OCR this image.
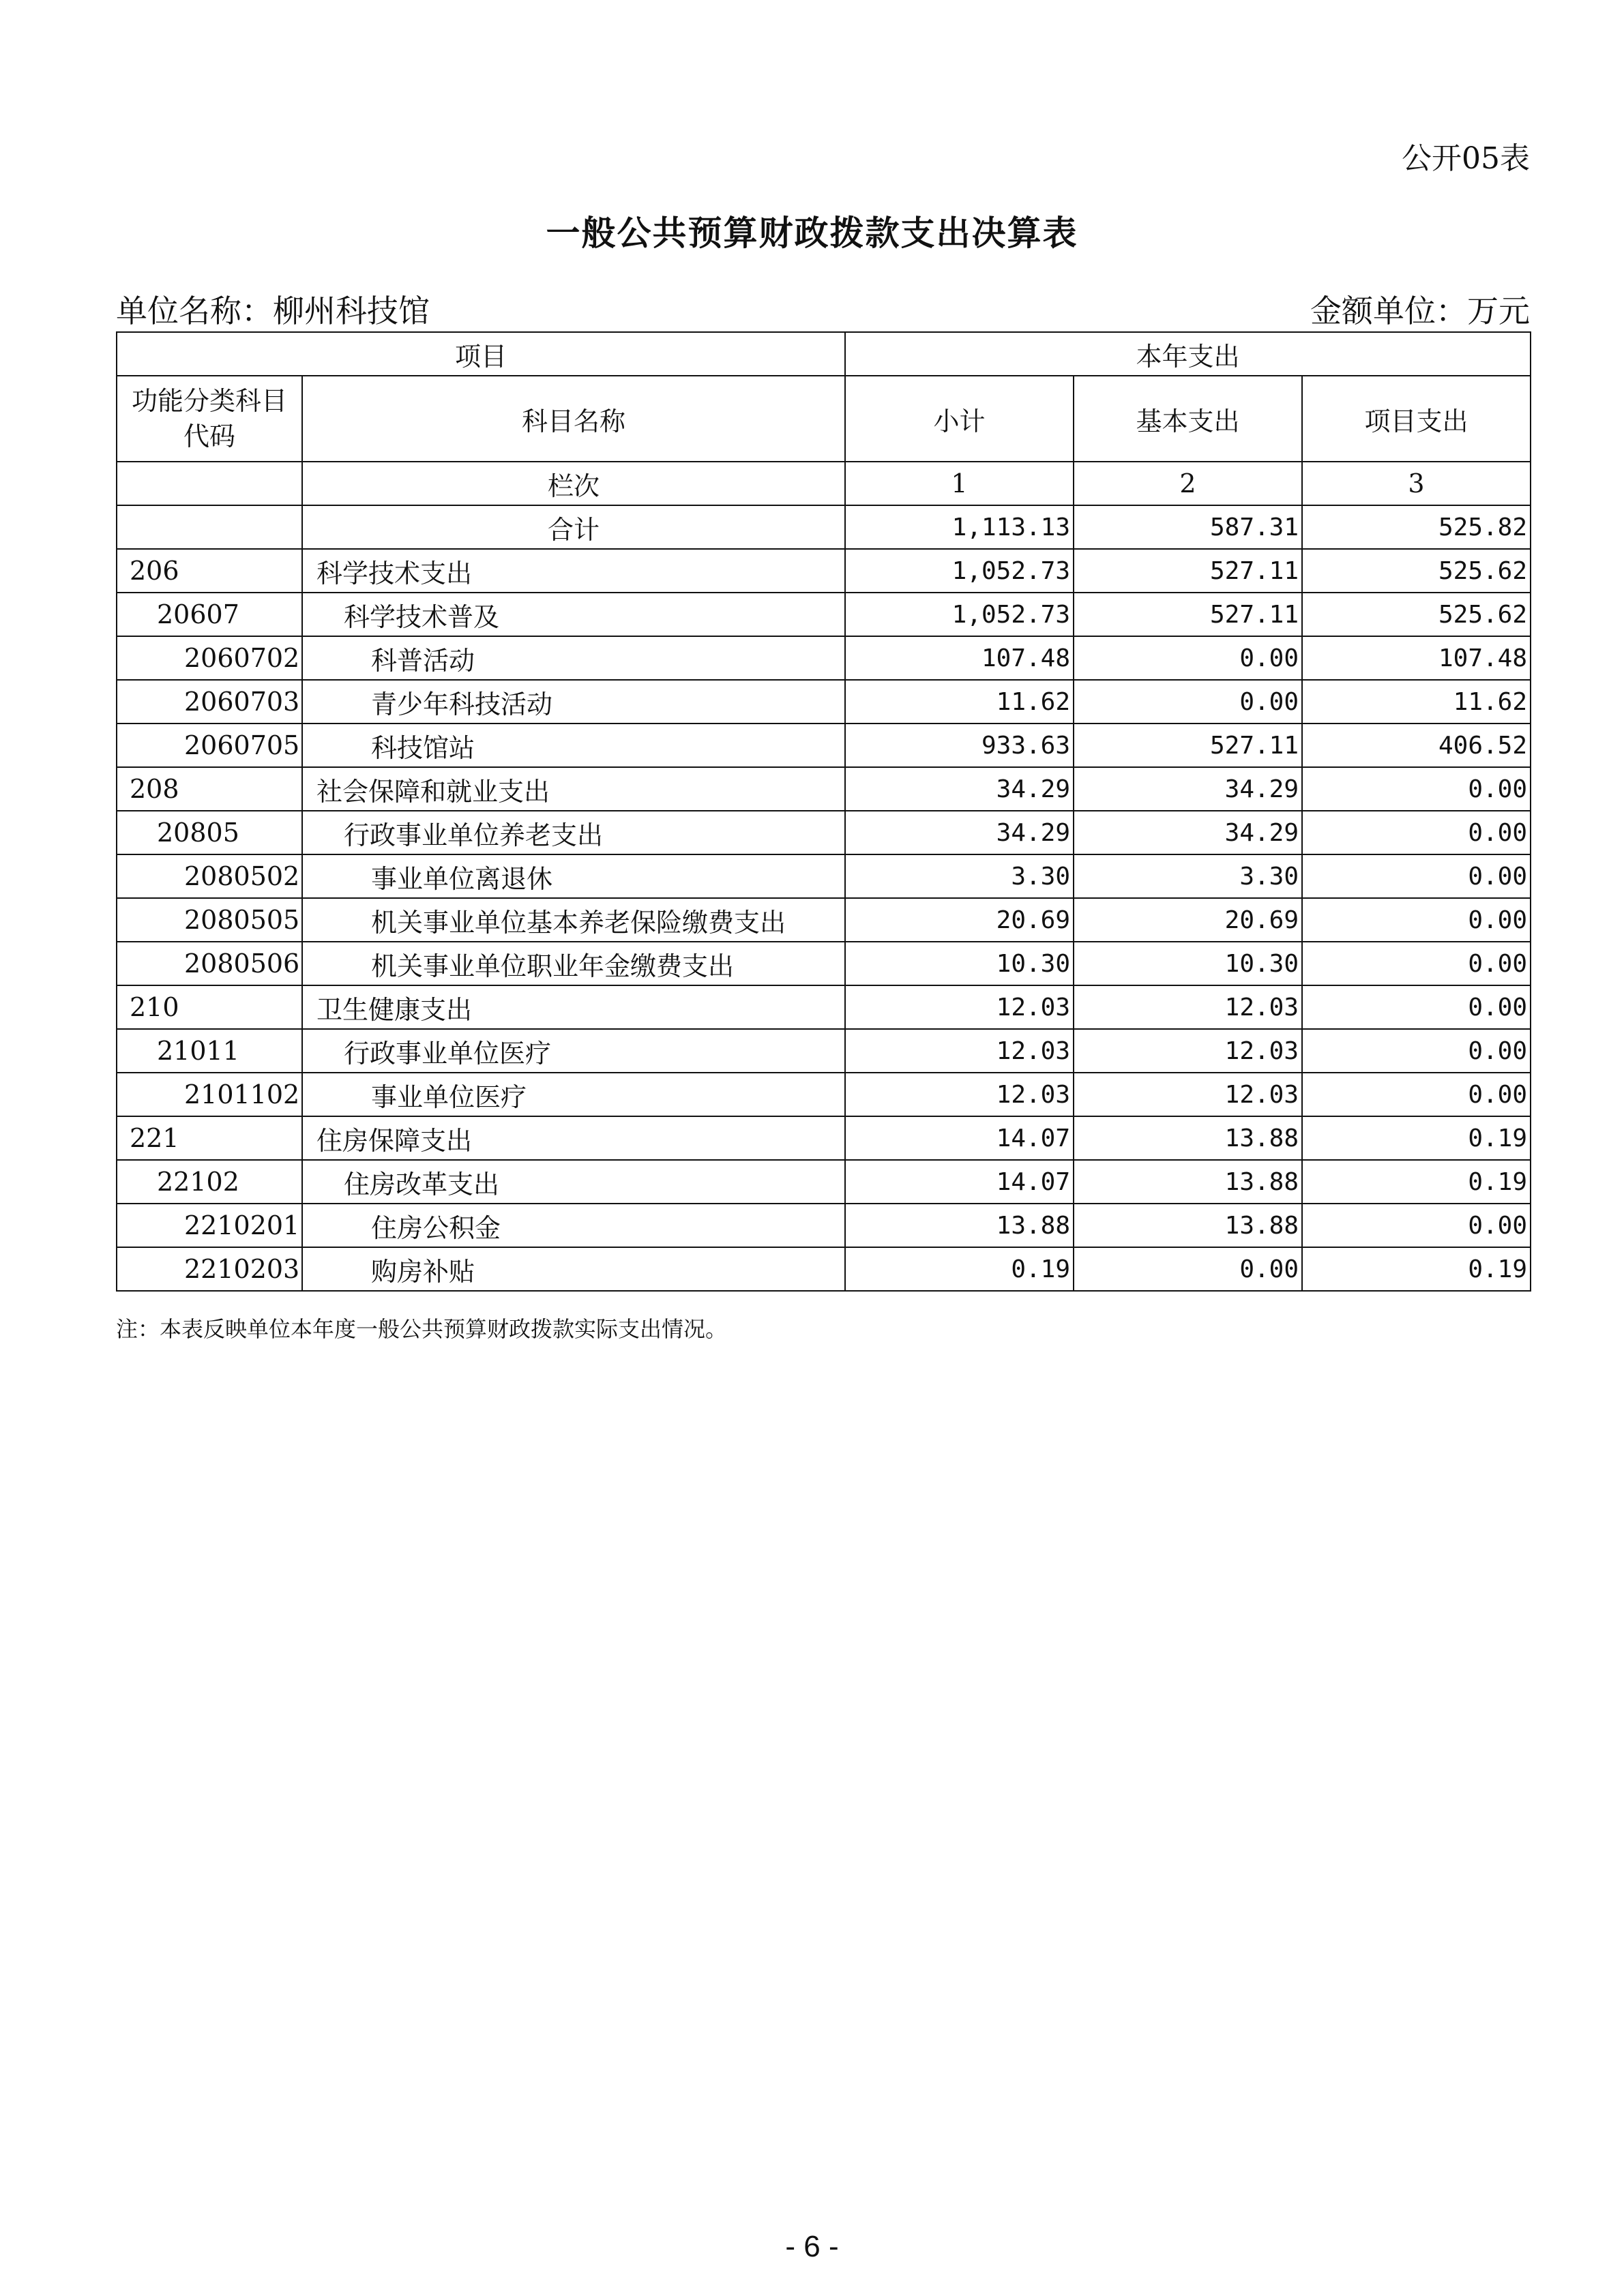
公开05表
一般公共预算财政拨款支出决算表
单位名称：柳州科技馆	金额单位：万元
项目		本年支出		
功能分类科目代码	科目名称	小计	基本支出	项目支出
	栏次	1	2	3
	合计	1,113.13	587.31	525.82
206	科学技术支出	1,052.73	527.11	525.62
20607	科学技术普及	1,052.73	527.11	525.62
2060702	科普活动	107.48	0.00	107.48
2060703	青少年科技活动	11.62	0.00	11.62
2060705	科技馆站	933.63	527.11	406.52
208	社会保障和就业支出	34.29	34.29	0.00
20805	行政事业单位养老支出	34.29	34.29	0.00
2080502	事业单位离退休	3.30	3.30	0.00
2080505	机关事业单位基本养老保险缴费支出	20.69	20.69	0.00
2080506	机关事业单位职业年金缴费支出	10.30	10.30	0.00
210	卫生健康支出	12.03	12.03	0.00
21011	行政事业单位医疗	12.03	12.03	0.00
2101102	事业单位医疗	12.03	12.03	0.00
221	住房保障支出	14.07	13.88	0.19
22102	住房改革支出	14.07	13.88	0.19
2210201	住房公积金	13.88	13.88	0.00
2210203	购房补贴	0.19	0.00	0.19
注：本表反映单位本年度一般公共预算财政拨款实际支出情况。
- 6 -
